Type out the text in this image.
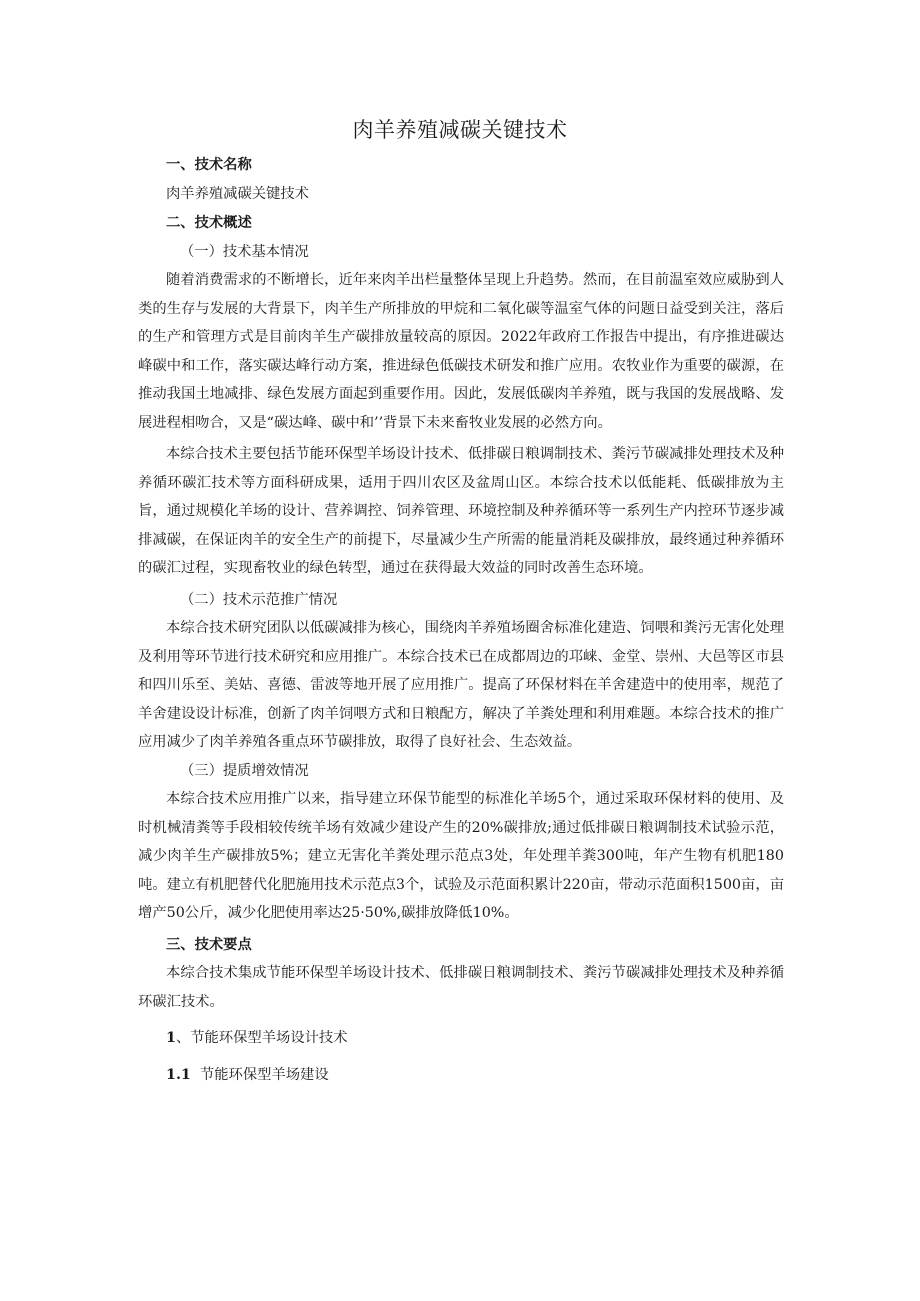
肉羊养殖减碳关键技术

一、技术名称

肉羊养殖减碳关键技术

二、技术概述

（一）技术基本情况

随着消费需求的不断增长，近年来肉羊出栏量整体呈现上升趋势。然而，在目前温室效应威胁到人类的生存与发展的大背景下，肉羊生产所排放的甲烷和二氧化碳等温室气体的问题日益受到关注，落后的生产和管理方式是目前肉羊生产碳排放量较高的原因。2022年政府工作报告中提出，有序推进碳达峰碳中和工作，落实碳达峰行动方案，推进绿色低碳技术研发和推广应用。农牧业作为重要的碳源，在推动我国土地减排、绿色发展方面起到重要作用。因此，发展低碳肉羊养殖，既与我国的发展战略、发展进程相吻合，又是“碳达峰、碳中和’’背景下未来畜牧业发展的必然方向。

本综合技术主要包括节能环保型羊场设计技术、低排碳日粮调制技术、粪污节碳减排处理技术及种养循环碳汇技术等方面科研成果，适用于四川农区及盆周山区。本综合技术以低能耗、低碳排放为主旨，通过规模化羊场的设计、营养调控、饲养管理、环境控制及种养循环等一系列生产内控环节逐步减排减碳，在保证肉羊的安全生产的前提下，尽量减少生产所需的能量消耗及碳排放，最终通过种养循环的碳汇过程，实现畜牧业的绿色转型，通过在获得最大效益的同时改善生态环境。

（二）技术示范推广情况

本综合技术研究团队以低碳减排为核心，围绕肉羊养殖场圈舍标准化建造、饲喂和粪污无害化处理及利用等环节进行技术研究和应用推广。本综合技术已在成都周边的邛崃、金堂、崇州、大邑等区市县和四川乐至、美姑、喜德、雷波等地开展了应用推广。提高了环保材料在羊舍建造中的使用率，规范了羊舍建设设计标准，创新了肉羊饲喂方式和日粮配方，解决了羊粪处理和利用难题。本综合技术的推广应用减少了肉羊养殖各重点环节碳排放，取得了良好社会、生态效益。

（三）提质增效情况

本综合技术应用推广以来，指导建立环保节能型的标准化羊场5个，通过采取环保材料的使用、及时机械清粪等手段相较传统羊场有效减少建设产生的20%碳排放;通过低排碳日粮调制技术试验示范，减少肉羊生产碳排放5%；建立无害化羊粪处理示范点3处，年处理羊粪300吨，年产生物有机肥180吨。建立有机肥替代化肥施用技术示范点3个，试验及示范面积累计220亩，带动示范面积1500亩，亩增产50公斤，减少化肥使用率达25·50%,碳排放降低10%。

三、技术要点

本综合技术集成节能环保型羊场设计技术、低排碳日粮调制技术、粪污节碳减排处理技术及种养循环碳汇技术。

1、节能环保型羊场设计技术

1.1 节能环保型羊场建设
